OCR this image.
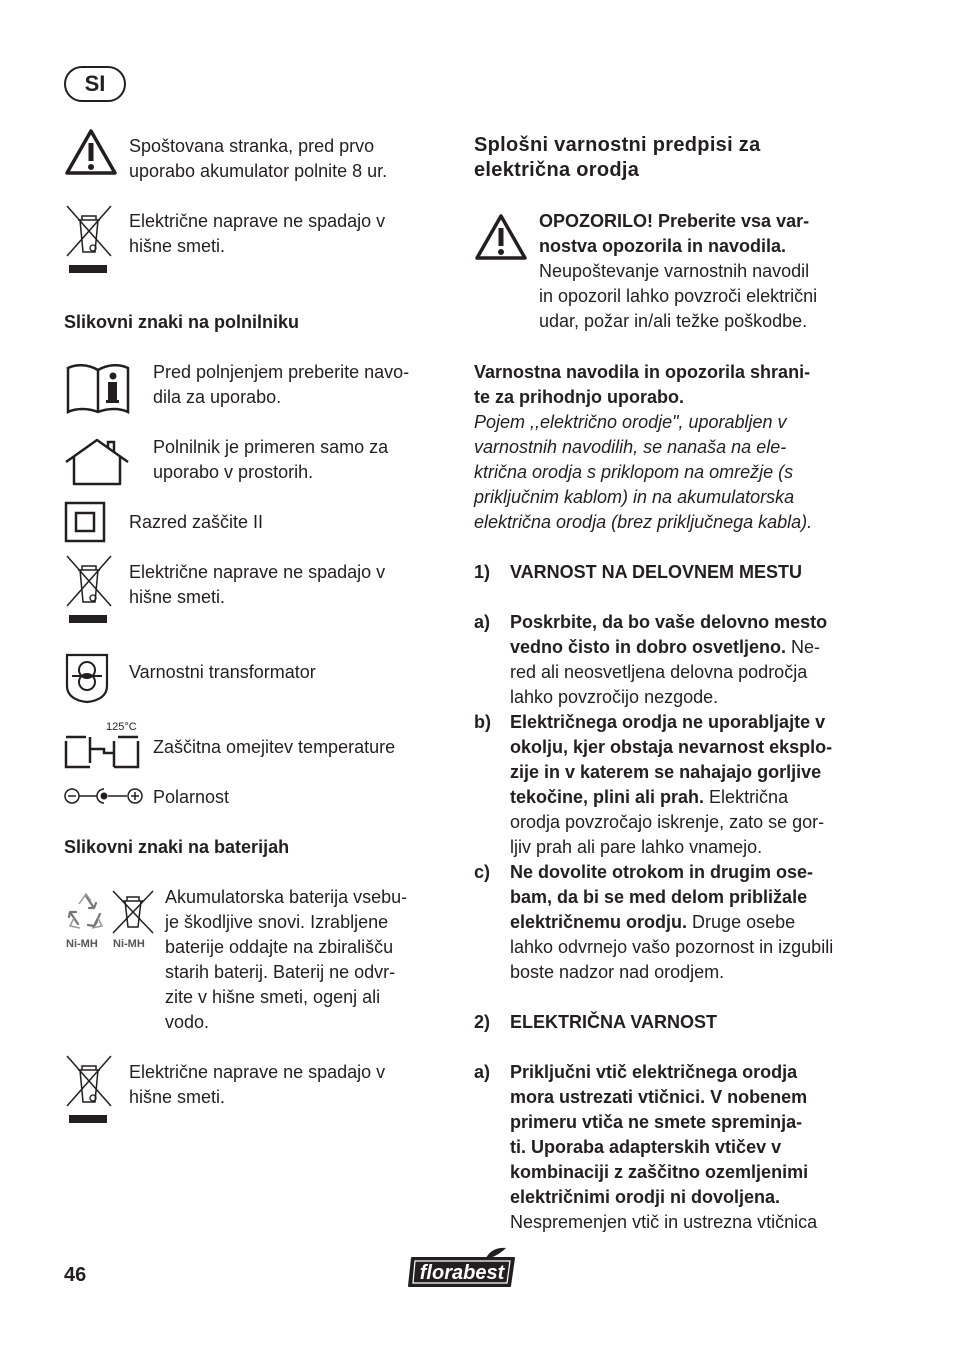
SI
Spoštovana stranka, pred prvo
uporabo akumulator polnite 8 ur.
Električne naprave ne spadajo v
hišne smeti.
Slikovni znaki na polnilniku
Pred polnjenjem preberite navo-
dila za uporabo.
Polnilnik je primeren samo za
uporabo v prostorih.
Razred zaščite II
Električne naprave ne spadajo v
hišne smeti.
Varnostni transformator
125°C
Zaščitna omejitev temperature
Polarnost
Slikovni znaki na baterijah
Ni-MH Ni-MH
Akumulatorska baterija vsebu-
je škodljive snovi. Izrabljene
baterije oddajte na zbirališču
starih baterij. Baterij ne odvr-
zite v hišne smeti, ogenj ali
vodo.
Električne naprave ne spadajo v
hišne smeti.
Splošni varnostni predpisi za
električna orodja
OPOZORILO! Preberite vsa var-
nostva opozorila in navodila.
Neupoštevanje varnostnih navodil
in opozoril lahko povzroči električni
udar, požar in/ali težke poškodbe.
Varnostna navodila in opozorila shrani-
te za prihodnjo uporabo.
Pojem ,,električno orodje", uporabljen v
varnostnih navodilih, se nanaša na ele-
ktrična orodja s priklopom na omrežje (s
priključnim kablom) in na akumulatorska
električna orodja (brez priključnega kabla).
1)	VARNOST NA DELOVNEM MESTU
a)	Poskrbite, da bo vaše delovno mesto
vedno čisto in dobro osvetljeno. Ne-
red ali neosvetljena delovna področja
lahko povzročijo nezgode.
b)	Električnega orodja ne uporabljajte v
okolju, kjer obstaja nevarnost eksplo-
zije in v katerem se nahajajo gorljive
tekočine, plini ali prah. Električna
orodja povzročajo iskrenje, zato se gor-
ljiv prah ali pare lahko vnamejo.
c)	Ne dovolite otrokom in drugim ose-
bam, da bi se med delom približale
električnemu orodju. Druge osebe
lahko odvrnejo vašo pozornost in izgubili
boste nadzor nad orodjem.
2)	ELEKTRIČNA VARNOST
a)	Priključni vtič električnega orodja
mora ustrezati vtičnici. V nobenem
primeru vtiča ne smete spreminja-
ti. Uporaba adapterskih vtičev v
kombinaciji z zaščitno ozemljenimi
električnimi orodji ni dovoljena.
Nespremenjen vtič in ustrezna vtičnica
46	florabest
